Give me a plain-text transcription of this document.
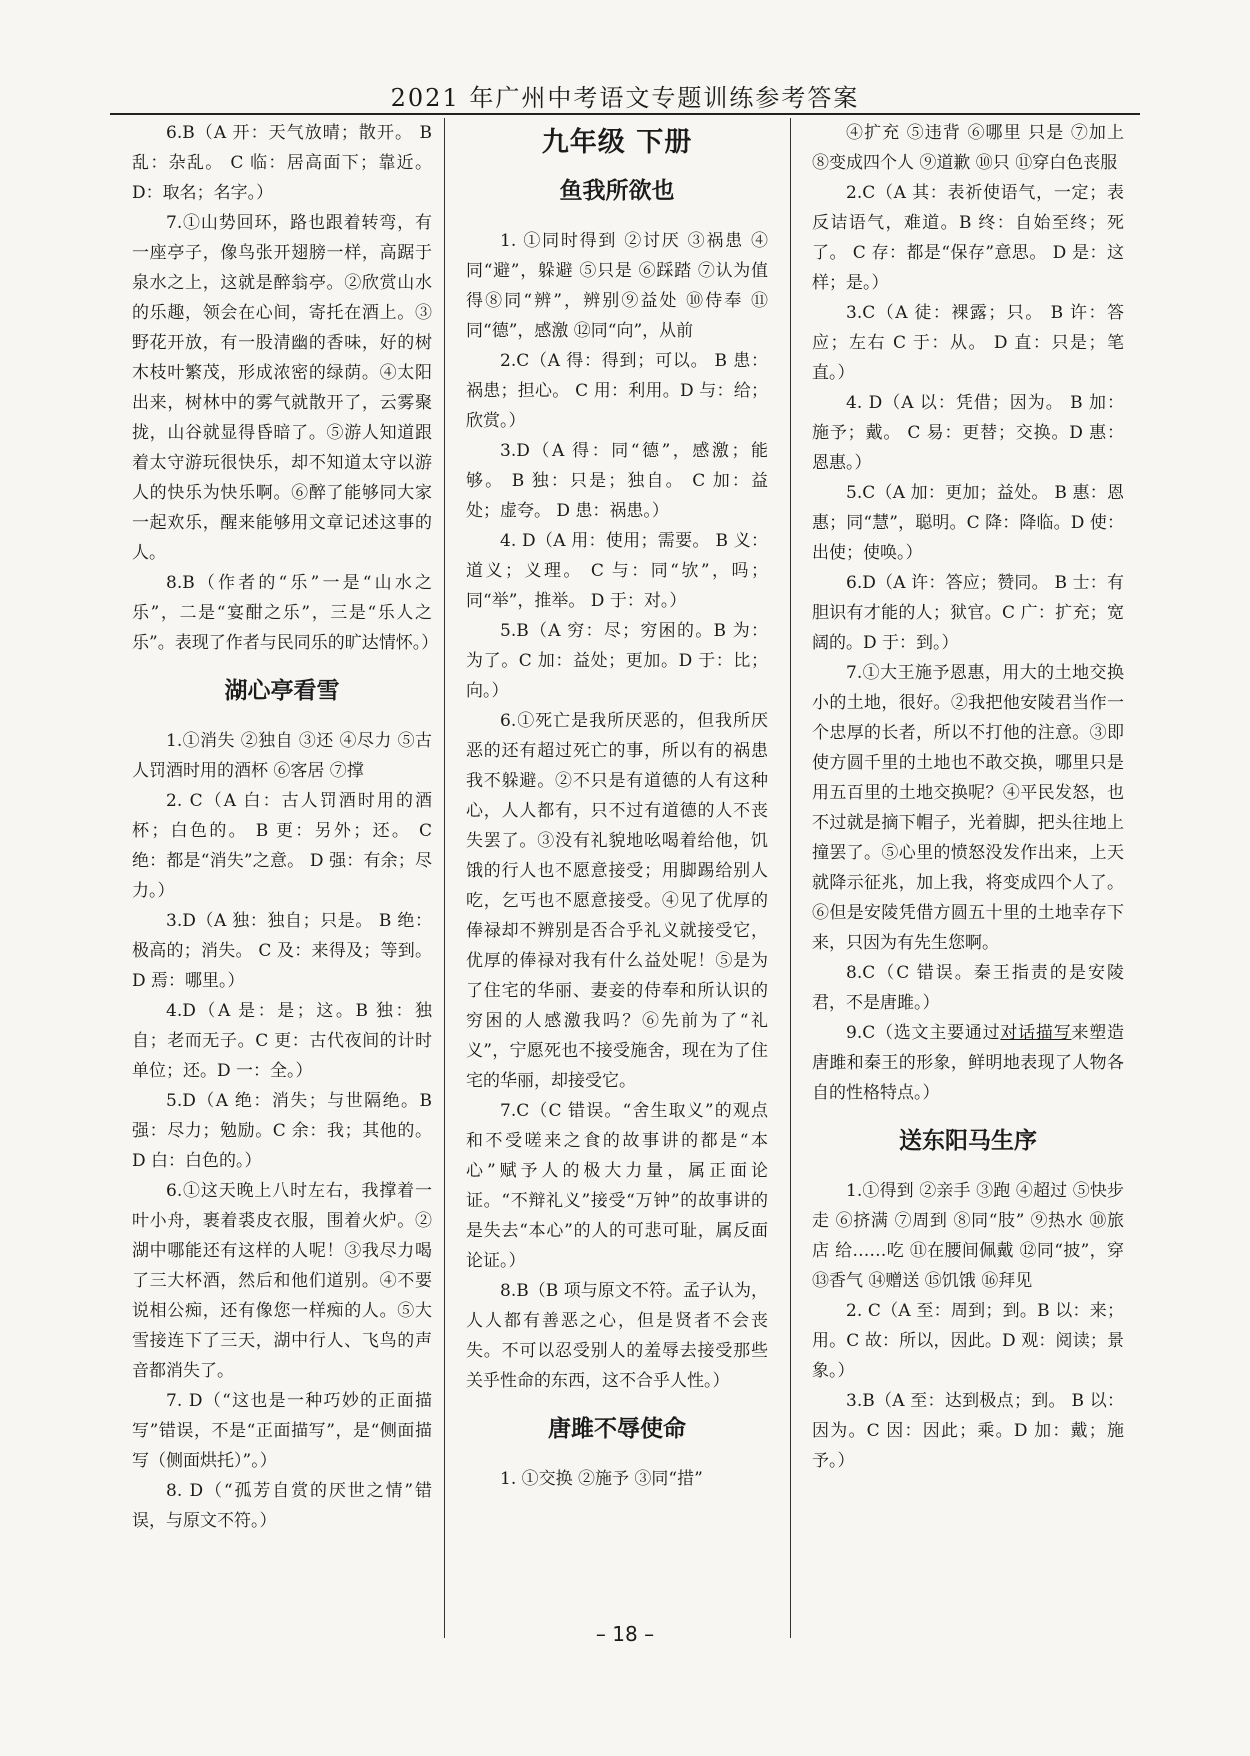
2021 年广州中考语文专题训练参考答案

6.B（A 开：天气放晴；散开。 B 乱：杂乱。 C 临：居高面下；靠近。 D：取名；名字。）

7.①山势回环，路也跟着转弯，有一座亭子，像鸟张开翅膀一样，高踞于泉水之上，这就是醉翁亭。②欣赏山水的乐趣，领会在心间，寄托在酒上。③野花开放，有一股清幽的香味，好的树木枝叶繁茂，形成浓密的绿荫。④太阳出来，树林中的雾气就散开了，云雾聚拢，山谷就显得昏暗了。⑤游人知道跟着太守游玩很快乐，却不知道太守以游人的快乐为快乐啊。⑥醉了能够同大家一起欢乐，醒来能够用文章记述这事的人。

8.B（作者的“乐”一是“山水之乐”，二是“宴酣之乐”，三是“乐人之乐”。表现了作者与民同乐的旷达情怀。）

湖心亭看雪

1.①消失 ②独自 ③还 ④尽力 ⑤古人罚酒时用的酒杯 ⑥客居 ⑦撑

2. C（A 白：古人罚酒时用的酒杯；白色的。 B 更：另外；还。 C 绝：都是“消失”之意。 D 强：有余；尽力。）

3.D（A 独：独自；只是。 B 绝：极高的；消失。 C 及：来得及；等到。 D 焉：哪里。）

4.D（A 是：是；这。B 独：独自；老而无子。C 更：古代夜间的计时单位；还。D 一：全。）

5.D（A 绝：消失；与世隔绝。B 强：尽力；勉励。C 余：我；其他的。D 白：白色的。）

6.①这天晚上八时左右，我撑着一叶小舟，裹着裘皮衣服，围着火炉。②湖中哪能还有这样的人呢！③我尽力喝了三大杯酒，然后和他们道别。④不要说相公痴，还有像您一样痴的人。⑤大雪接连下了三天，湖中行人、飞鸟的声音都消失了。

7. D（“这也是一种巧妙的正面描写”错误，不是“正面描写”，是“侧面描写（侧面烘托）”。）

8. D（“孤芳自赏的厌世之情”错误，与原文不符。）

九年级 下册
鱼我所欲也

1. ①同时得到 ②讨厌 ③祸患 ④同“避”，躲避 ⑤只是 ⑥踩踏 ⑦认为值得⑧同“辨”，辨别⑨益处 ⑩侍奉 ⑪同“德”，感激 ⑫同“向”，从前

2.C（A 得：得到；可以。 B 患：祸患；担心。 C 用：利用。D 与：给；欣赏。）

3.D（A 得：同“德”，感激；能够。 B 独：只是；独自。 C 加：益处；虚夸。 D 患：祸患。）

4. D（A 用：使用；需要。 B 义：道义；义理。 C 与：同“欤”，吗；同“举”，推举。 D 于：对。）

5.B（A 穷：尽；穷困的。B 为：为了。C 加：益处；更加。D 于：比；向。）

6.①死亡是我所厌恶的，但我所厌恶的还有超过死亡的事，所以有的祸患我不躲避。②不只是有道德的人有这种心，人人都有，只不过有道德的人不丧失罢了。③没有礼貌地吆喝着给他，饥饿的行人也不愿意接受；用脚踢给别人吃，乞丐也不愿意接受。④见了优厚的俸禄却不辨别是否合乎礼义就接受它，优厚的俸禄对我有什么益处呢！⑤是为了住宅的华丽、妻妾的侍奉和所认识的穷困的人感激我吗？⑥先前为了“礼义”，宁愿死也不接受施舍，现在为了住宅的华丽，却接受它。

7.C（C 错误。“舍生取义”的观点和不受嗟来之食的故事讲的都是“本心”赋予人的极大力量，属正面论证。“不辩礼义”接受“万钟”的故事讲的是失去“本心”的人的可悲可耻，属反面论证。）

8.B（B 项与原文不符。孟子认为，人人都有善恶之心，但是贤者不会丧失。不可以忍受别人的羞辱去接受那些关乎性命的东西，这不合乎人性。）

唐雎不辱使命

1. ①交换 ②施予 ③同“措”

④扩充 ⑤违背 ⑥哪里 只是 ⑦加上 ⑧变成四个人 ⑨道歉 ⑩只 ⑪穿白色丧服

2.C（A 其：表祈使语气，一定；表反诘语气，难道。B 终：自始至终；死了。 C 存：都是“保存”意思。 D 是：这样；是。）

3.C（A 徒：裸露；只。 B 许：答应；左右 C 于：从。 D 直：只是；笔直。）

4. D（A 以：凭借；因为。 B 加：施予；戴。 C 易：更替；交换。D 惠：恩惠。）

5.C（A 加：更加；益处。 B 惠：恩惠；同“慧”，聪明。C 降：降临。D 使：出使；使唤。）

6.D（A 许：答应；赞同。 B 士：有胆识有才能的人；狱官。C 广：扩充；宽阔的。D 于：到。）

7.①大王施予恩惠，用大的土地交换小的土地，很好。②我把他安陵君当作一个忠厚的长者，所以不打他的注意。③即使方圆千里的土地也不敢交换，哪里只是用五百里的土地交换呢？④平民发怒，也不过就是摘下帽子，光着脚，把头往地上撞罢了。⑤心里的愤怒没发作出来，上天就降示征兆，加上我，将变成四个人了。⑥但是安陵凭借方圆五十里的土地幸存下来，只因为有先生您啊。

8.C（C 错误。秦王指责的是安陵君，不是唐雎。）

9.C（选文主要通过对话描写来塑造唐雎和秦王的形象，鲜明地表现了人物各自的性格特点。）

送东阳马生序

1.①得到 ②亲手 ③跑 ④超过 ⑤快步走 ⑥挤满 ⑦周到 ⑧同“肢” ⑨热水 ⑩旅店 给……吃 ⑪在腰间佩戴 ⑫同“披”，穿 ⑬香气 ⑭赠送 ⑮饥饿 ⑯拜见

2. C（A 至：周到；到。B 以：来；用。C 故：所以，因此。D 观：阅读；景象。）

3.B（A 至：达到极点；到。 B 以：因为。C 因：因此；乘。D 加：戴；施予。）

– 18 –
